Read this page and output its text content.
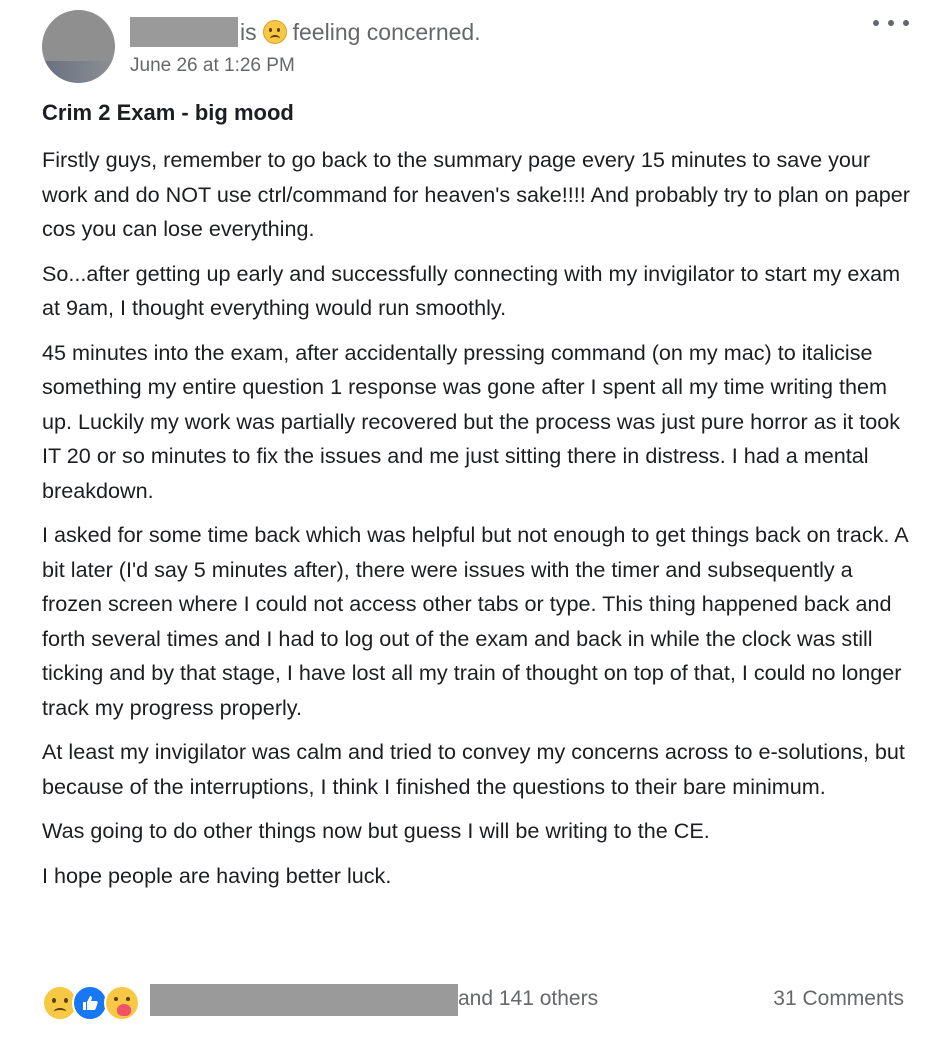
is feeling concerned.
June 26 at 1:26 PM
Crim 2 Exam - big mood

Firstly guys, remember to go back to the summary page every 15 minutes to save your work and do NOT use ctrl/command for heaven's sake!!!! And probably try to plan on paper cos you can lose everything.

So...after getting up early and successfully connecting with my invigilator to start my exam at 9am, I thought everything would run smoothly.

45 minutes into the exam, after accidentally pressing command (on my mac) to italicise something my entire question 1 response was gone after I spent all my time writing them up. Luckily my work was partially recovered but the process was just pure horror as it took IT 20 or so minutes to fix the issues and me just sitting there in distress. I had a mental breakdown.

I asked for some time back which was helpful but not enough to get things back on track. A bit later (I'd say 5 minutes after), there were issues with the timer and subsequently a frozen screen where I could not access other tabs or type. This thing happened back and forth several times and I had to log out of the exam and back in while the clock was still ticking and by that stage, I have lost all my train of thought on top of that, I could no longer track my progress properly.

At least my invigilator was calm and tried to convey my concerns across to e-solutions, but because of the interruptions, I think I finished the questions to their bare minimum.

Was going to do other things now but guess I will be writing to the CE.

I hope people are having better luck.

and 141 others	31 Comments
